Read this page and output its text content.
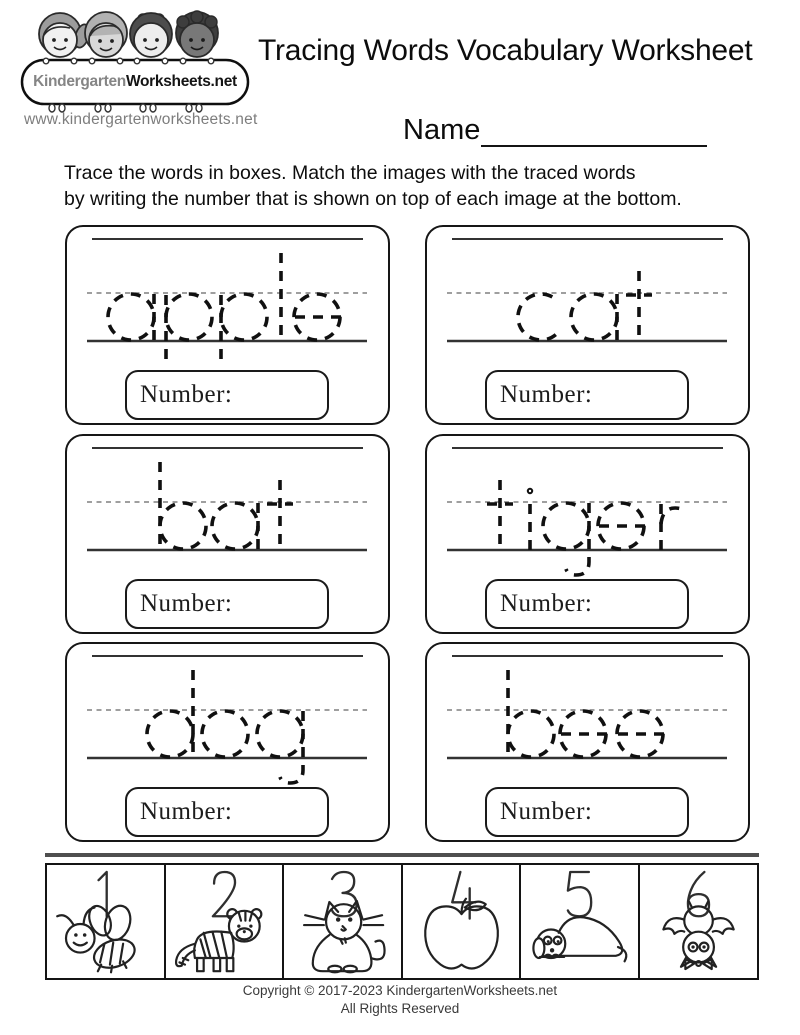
Kindergarten Worksheets.net
www.kindergartenworksheets.net
Tracing Words Vocabulary Worksheet
Name
Trace the words in boxes. Match the images with the traced words
by writing the number that is shown on top of each image at the bottom.
Number:	Number:
Number:	Number:
Number:	Number:
Copyright © 2017-2023 KindergartenWorksheets.net
All Rights Reserved
